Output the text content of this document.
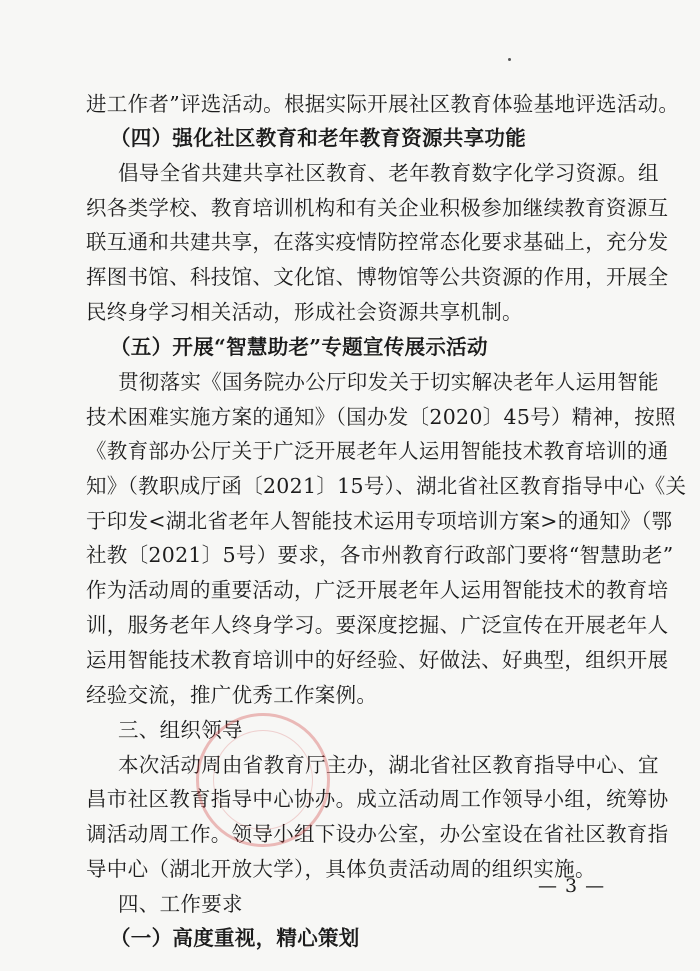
进工作者”评选活动。根据实际开展社区教育体验基地评选活动。
（四）强化社区教育和老年教育资源共享功能
倡导全省共建共享社区教育、老年教育数字化学习资源。组
织各类学校、教育培训机构和有关企业积极参加继续教育资源互
联互通和共建共享，在落实疫情防控常态化要求基础上，充分发
挥图书馆、科技馆、文化馆、博物馆等公共资源的作用，开展全
民终身学习相关活动，形成社会资源共享机制。
（五）开展“智慧助老”专题宣传展示活动
贯彻落实《国务院办公厅印发关于切实解决老年人运用智能
技术困难实施方案的通知》（国办发〔2020〕45号）精神，按照
《教育部办公厅关于广泛开展老年人运用智能技术教育培训的通
知》（教职成厅函〔2021〕15号）、湖北省社区教育指导中心《关
于印发<湖北省老年人智能技术运用专项培训方案>的通知》（鄂
社教〔2021〕5号）要求，各市州教育行政部门要将“智慧助老”
作为活动周的重要活动，广泛开展老年人运用智能技术的教育培
训，服务老年人终身学习。要深度挖掘、广泛宣传在开展老年人
运用智能技术教育培训中的好经验、好做法、好典型，组织开展
经验交流，推广优秀工作案例。
三、组织领导
本次活动周由省教育厅主办，湖北省社区教育指导中心、宜
昌市社区教育指导中心协办。成立活动周工作领导小组，统筹协
调活动周工作。领导小组下设办公室，办公室设在省社区教育指
导中心（湖北开放大学），具体负责活动周的组织实施。
四、工作要求
（一）高度重视，精心策划
— 3 —
